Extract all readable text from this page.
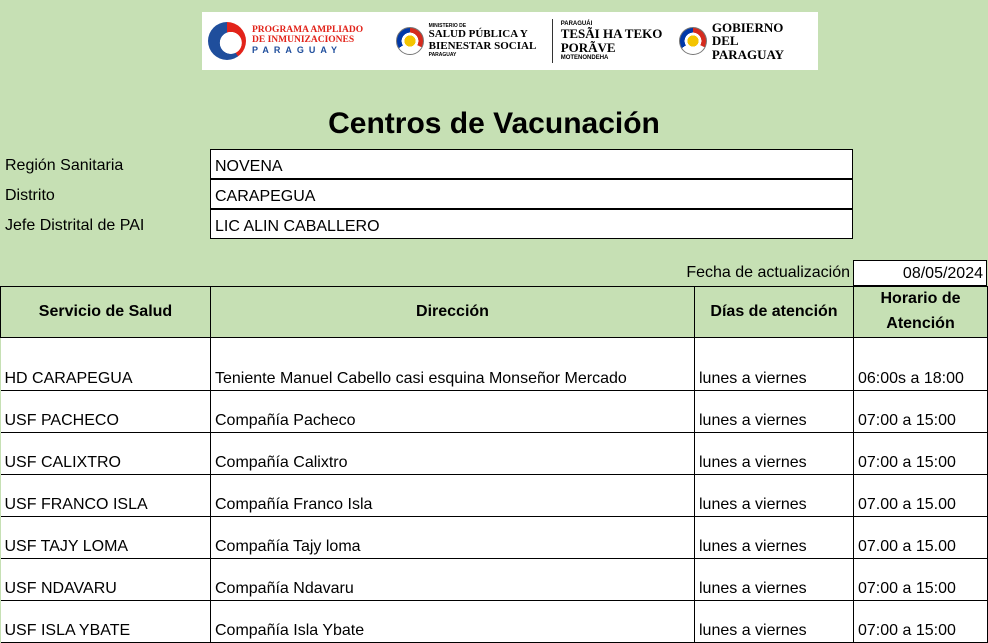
PROGRAMA AMPLIADO
DE INMUNIZACIONES
PARAGUAY
MINISTERIO DE
SALUD PÚBLICA Y
BIENESTAR SOCIAL
PARAGUAY
PARAGUÁI
TESÃI HA TEKO
PORÃVE
MOTENONDEHA
GOBIERNO DEL
PARAGUAY
Centros de Vacunación
Región Sanitaria	NOVENA
Distrito	CARAPEGUA
Jefe Distrital de PAI	LIC ALIN CABALLERO
Fecha de actualización	08/05/2024
Servicio de Salud	Dirección	Días de atención	Horario de Atención
HD CARAPEGUA	Teniente Manuel Cabello casi esquina Monseñor Mercado	lunes a viernes	06:00s a 18:00
USF PACHECO	Compañía Pacheco	lunes a viernes	07:00 a 15:00
USF CALIXTRO	Compañía Calixtro	lunes a viernes	07:00 a 15:00
USF FRANCO ISLA	Compañía Franco Isla	lunes a viernes	07.00 a 15.00
USF TAJY LOMA	Compañía Tajy loma	lunes a viernes	07.00 a 15.00
USF NDAVARU	Compañía Ndavaru	lunes a viernes	07:00 a 15:00
USF ISLA YBATE	Compañía Isla Ybate	lunes a viernes	07:00 a 15:00
